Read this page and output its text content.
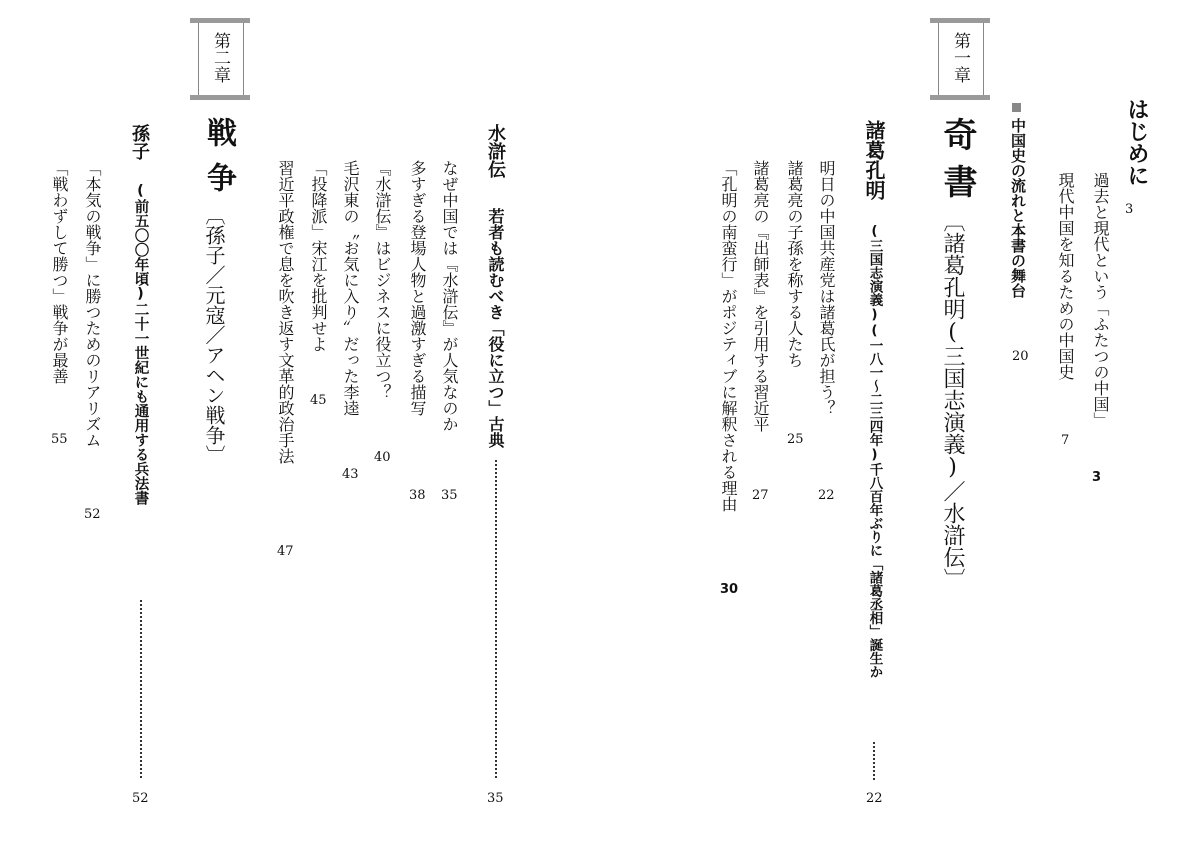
はじめに
3
過去と現代という「ふたつの中国」
3
現代中国を知るための中国史
7
中国史の流れと本書の舞台
20
第一章
奇
書
〔諸葛孔明(三国志演義)／水滸伝〕
諸葛孔明
(三国志演義)(一八一～二三四年)千八百年ぶりに「諸葛丞相」誕生か
22
明日の中国共産党は諸葛氏が担う？
22
諸葛亮の子孫を称する人たち
25
諸葛亮の『出師表』を引用する習近平
27
「孔明の南蛮行」がポジティブに解釈される理由
30
水滸伝
若者も読むべき「役に立つ」古典
35
なぜ中国では『水滸伝』が人気なのか
35
多すぎる登場人物と過激すぎる描写
38
『水滸伝』はビジネスに役立つ？
40
毛沢東の〝お気に入り〟だった李逵
43
「投降派」宋江を批判せよ
45
習近平政権で息を吹き返す文革的政治手法
47
第二章
戦
争
〔孫子／元寇／アヘン戦争〕
孫子
(前五〇〇年頃)二十一世紀にも通用する兵法書
52
「本気の戦争」に勝つためのリアリズム
52
「戦わずして勝つ」戦争が最善
55
